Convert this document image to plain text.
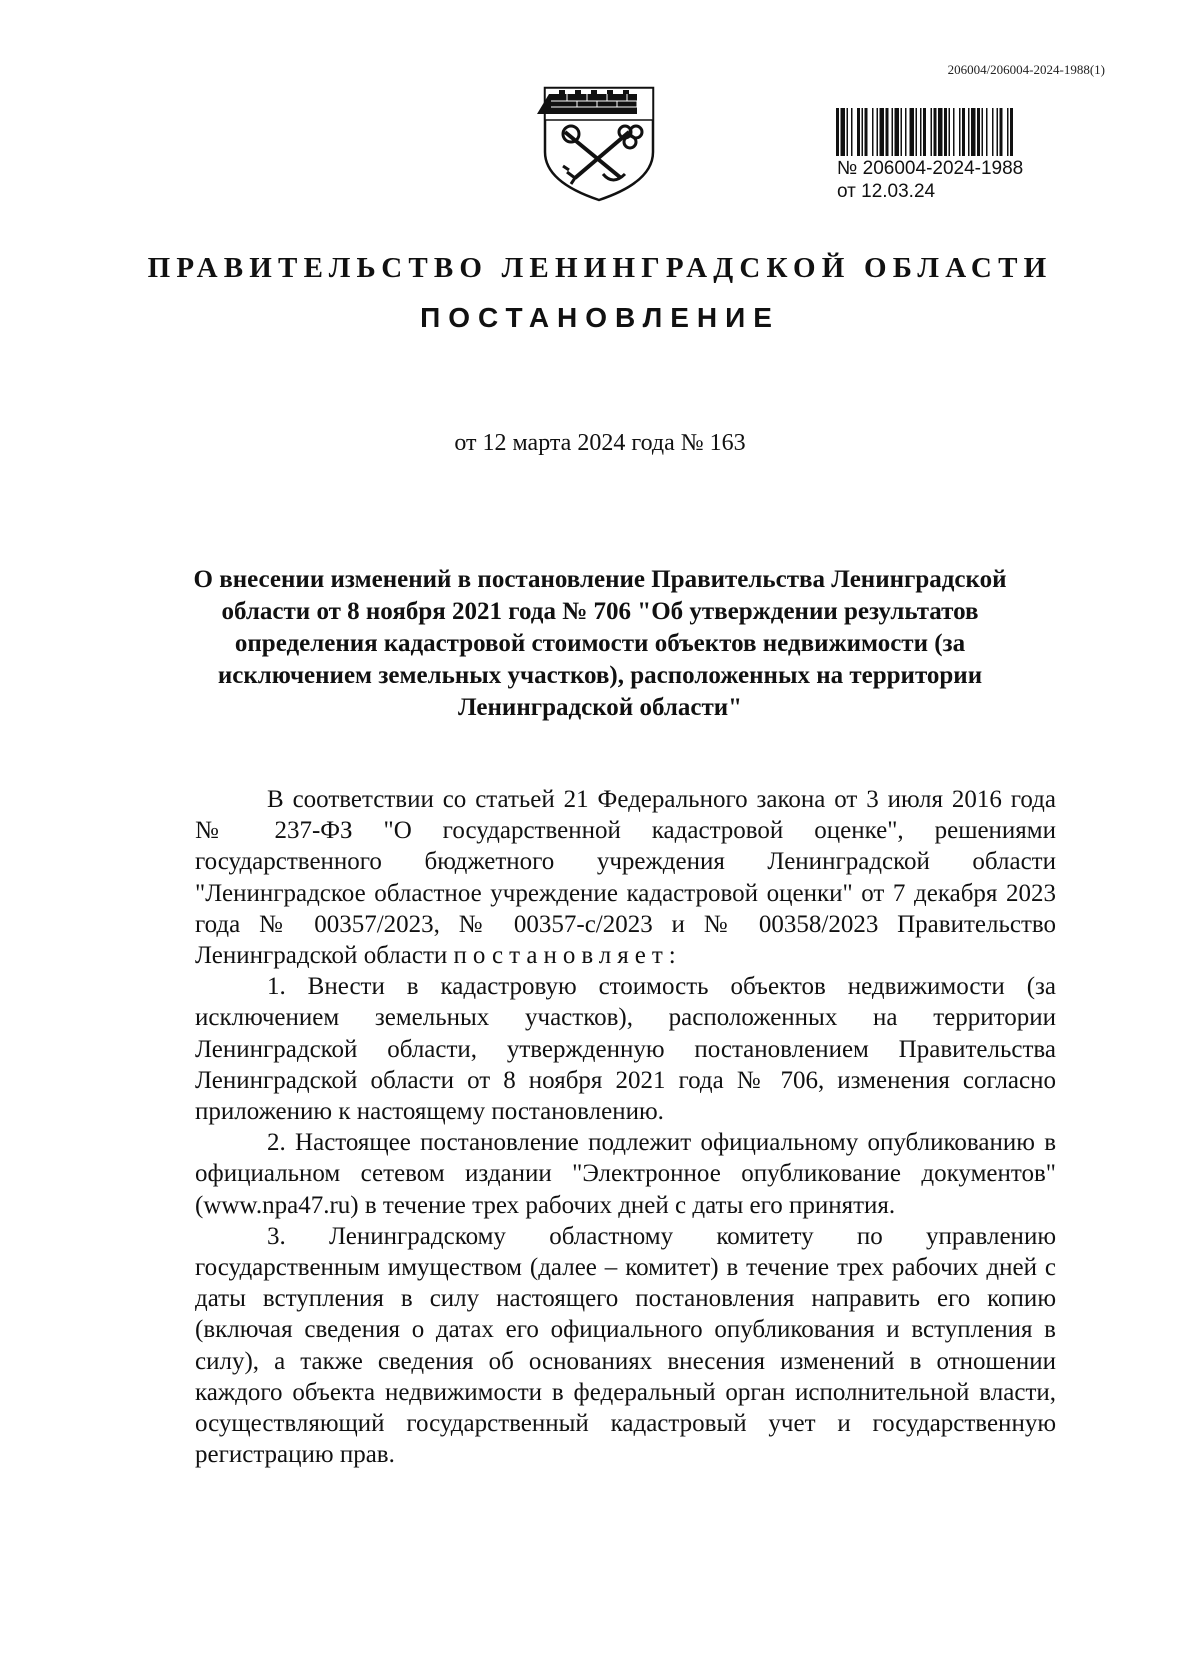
206004/206004-2024-1988(1)
№ 206004-2024-1988
от 12.03.24
ПРАВИТЕЛЬСТВО ЛЕНИНГРАДСКОЙ ОБЛАСТИ
ПОСТАНОВЛЕНИЕ
от 12 марта 2024 года № 163
О внесении изменений в постановление Правительства Ленинградской области от 8 ноября 2021 года № 706 "Об утверждении результатов определения кадастровой стоимости объектов недвижимости (за исключением земельных участков), расположенных на территории Ленинградской области"

В соответствии со статьей 21 Федерального закона от 3 июля 2016 года № 237-ФЗ "О государственной кадастровой оценке", решениями государственного бюджетного учреждения Ленинградской области "Ленинградское областное учреждение кадастровой оценки" от 7 декабря 2023 года № 00357/2023, № 00357-с/2023 и № 00358/2023 Правительство Ленинградской области постановляет:

1. Внести в кадастровую стоимость объектов недвижимости (за исключением земельных участков), расположенных на территории Ленинградской области, утвержденную постановлением Правительства Ленинградской области от 8 ноября 2021 года № 706, изменения согласно приложению к настоящему постановлению.

2. Настоящее постановление подлежит официальному опубликованию в официальном сетевом издании "Электронное опубликование документов" (www.npa47.ru) в течение трех рабочих дней с даты его принятия.

3. Ленинградскому областному комитету по управлению государственным имуществом (далее – комитет) в течение трех рабочих дней с даты вступления в силу настоящего постановления направить его копию (включая сведения о датах его официального опубликования и вступления в силу), а также сведения об основаниях внесения изменений в отношении каждого объекта недвижимости в федеральный орган исполнительной власти, осуществляющий государственный кадастровый учет и государственную регистрацию прав.
